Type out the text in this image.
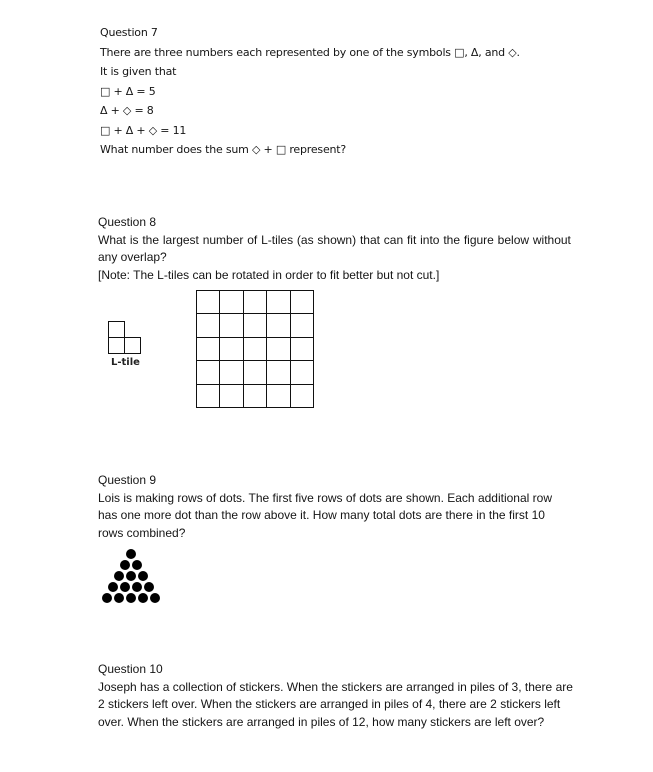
Question 7
There are three numbers each represented by one of the symbols □, Δ, and ◇.
It is given that
□ + Δ = 5
Δ + ◇ = 8
□ + Δ + ◇ = 11
What number does the sum ◇ + □ represent?
Question 8
What is the largest number of L-tiles (as shown) that can fit into the figure below without
any overlap?
[Note: The L-tiles can be rotated in order to fit better but not cut.]
L-tile
Question 9
Lois is making rows of dots. The first five rows of dots are shown. Each additional row
has one more dot than the row above it. How many total dots are there in the first 10
rows combined?
Question 10
Joseph has a collection of stickers. When the stickers are arranged in piles of 3, there are
2 stickers left over. When the stickers are arranged in piles of 4, there are 2 stickers left
over. When the stickers are arranged in piles of 12, how many stickers are left over?
